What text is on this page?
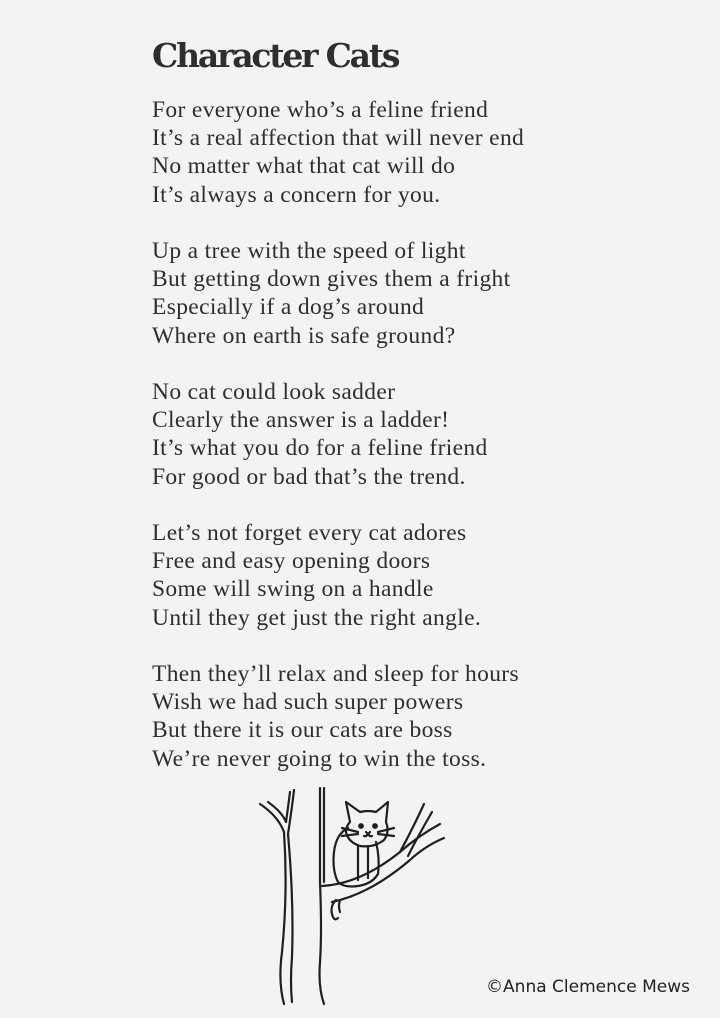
Character Cats

For everyone who’s a feline friend
It’s a real affection that will never end
No matter what that cat will do
It’s always a concern for you.

Up a tree with the speed of light
But getting down gives them a fright
Especially if a dog’s around
Where on earth is safe ground?

No cat could look sadder
Clearly the answer is a ladder!
It’s what you do for a feline friend
For good or bad that’s the trend.

Let’s not forget every cat adores
Free and easy opening doors
Some will swing on a handle
Until they get just the right angle.

Then they’ll relax and sleep for hours
Wish we had such super powers
But there it is our cats are boss
We’re never going to win the toss.

©Anna Clemence Mews
